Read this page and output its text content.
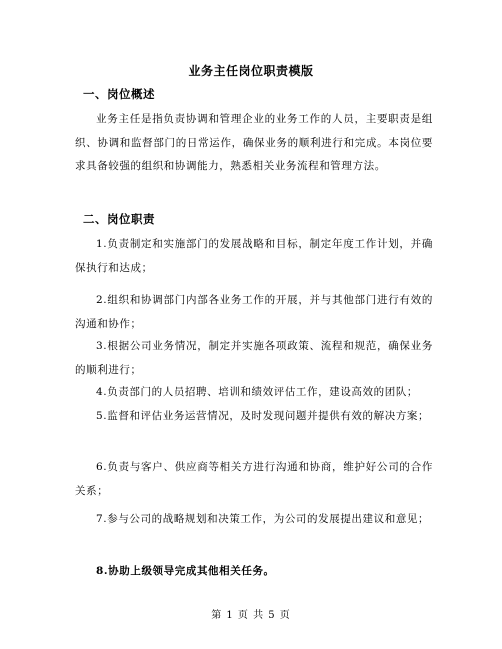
业务主任岗位职责模版
一、岗位概述

业务主任是指负责协调和管理企业的业务工作的人员，主要职责是组织、协调和监督部门的日常运作，确保业务的顺利进行和完成。本岗位要求具备较强的组织和协调能力，熟悉相关业务流程和管理方法。

二、岗位职责

1.负责制定和实施部门的发展战略和目标，制定年度工作计划，并确保执行和达成；

2.组织和协调部门内部各业务工作的开展，并与其他部门进行有效的沟通和协作；

3.根据公司业务情况，制定并实施各项政策、流程和规范，确保业务的顺利进行；

4.负责部门的人员招聘、培训和绩效评估工作，建设高效的团队；

5.监督和评估业务运营情况，及时发现问题并提供有效的解决方案；

6.负责与客户、供应商等相关方进行沟通和协商，维护好公司的合作关系；

7.参与公司的战略规划和决策工作，为公司的发展提出建议和意见；

8.协助上级领导完成其他相关任务。

第 1 页 共 5 页
